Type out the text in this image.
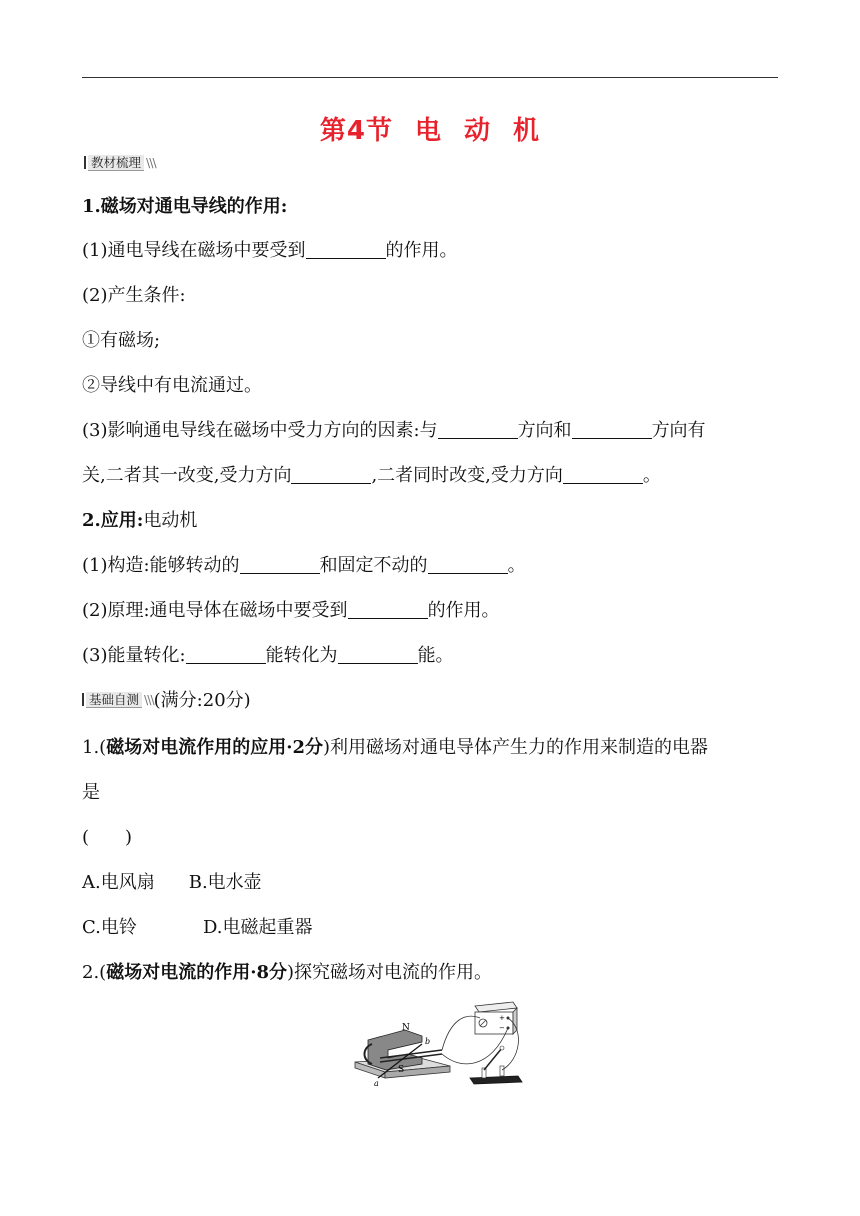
第4节 电 动 机
教材梳理 \\\
1.磁场对通电导线的作用:
(1)通电导线在磁场中要受到	的作用。
(2)产生条件:
①有磁场;
②导线中有电流通过。
(3)影响通电导线在磁场中受力方向的因素:与	方向和	方向有
关,二者其一改变,受力方向	,二者同时改变,受力方向	。
2.应用:电动机
(1)构造:能够转动的	和固定不动的	。
(2)原理:通电导体在磁场中要受到	的作用。
(3)能量转化:	能转化为	能。
基础自测 \\\(满分:20分)
1.(磁场对电流作用的应用·2分)利用磁场对通电导体产生力的作用来制造的电器
是
(　　)
A.电风扇 B.电水壶
C.电铃	D.电磁起重器
2.(磁场对电流的作用·8分)探究磁场对电流的作用。
N
S
a
b
+
−
